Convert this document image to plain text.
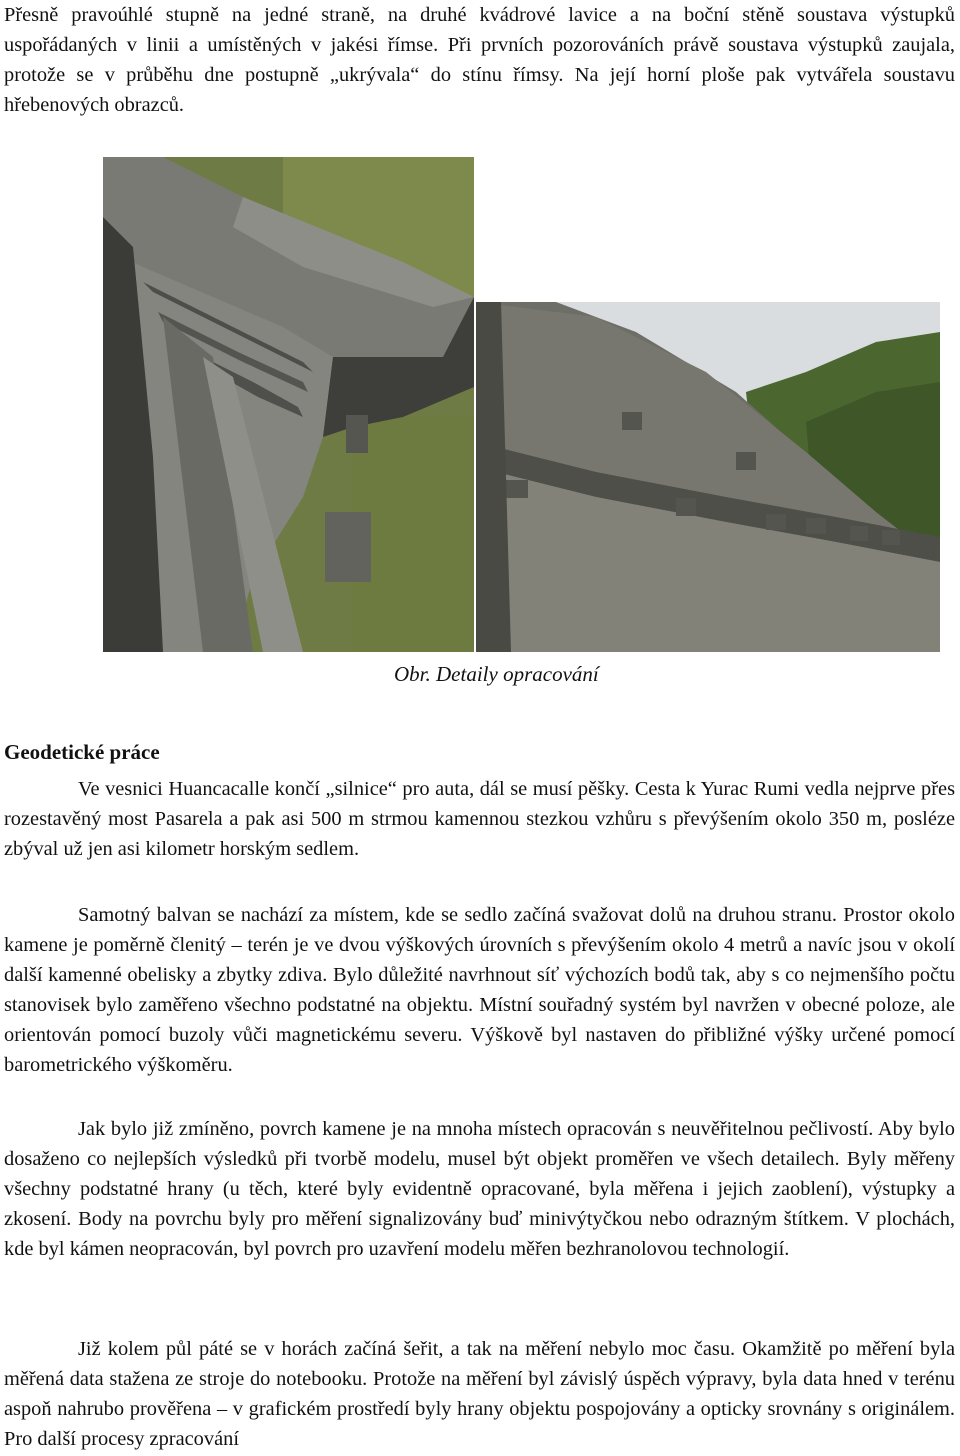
Přesně pravoúhlé stupně na jedné straně, na druhé kvádrové lavice a na boční stěně soustava výstupků uspořádaných v linii a umístěných v jakési římse. Při prvních pozorováních právě soustava výstupků zaujala, protože se v průběhu dne postupně „ukrývala“ do stínu římsy. Na její horní ploše pak vytvářela soustavu hřebenových obrazců.

Obr. Detaily opracování

Geodetické práce

Ve vesnici Huancacalle končí „silnice“ pro auta, dál se musí pěšky. Cesta k Yurac Rumi vedla nejprve přes rozestavěný most Pasarela a pak asi 500 m strmou kamennou stezkou vzhůru s převýšením okolo 350 m, posléze zbýval už jen asi kilometr horským sedlem.

Samotný balvan se nachází za místem, kde se sedlo začíná svažovat dolů na druhou stranu. Prostor okolo kamene je poměrně členitý – terén je ve dvou výškových úrovních s převýšením okolo 4 metrů a navíc jsou v okolí další kamenné obelisky a zbytky zdiva. Bylo důležité navrhnout síť výchozích bodů tak, aby s co nejmenšího počtu stanovisek bylo zaměřeno všechno podstatné na objektu. Místní souřadný systém byl navržen v obecné poloze, ale orientován pomocí buzoly vůči magnetickému severu. Výškově byl nastaven do přibližné výšky určené pomocí barometrického výškoměru.

Jak bylo již zmíněno, povrch kamene je na mnoha místech opracován s neuvěřitelnou pečlivostí. Aby bylo dosaženo co nejlepších výsledků při tvorbě modelu, musel být objekt proměřen ve všech detailech. Byly měřeny všechny podstatné hrany (u těch, které byly evidentně opracované, byla měřena i jejich zaoblení), výstupky a zkosení. Body na povrchu byly pro měření signalizovány buď minivýtyčkou nebo odrazným štítkem. V plochách, kde byl kámen neopracován, byl povrch pro uzavření modelu měřen bezhranolovou technologií.

Již kolem půl páté se v horách začíná šeřit, a tak na měření nebylo moc času. Okamžitě po měření byla měřená data stažena ze stroje do notebooku. Protože na měření byl závislý úspěch výpravy, byla data hned v terénu aspoň nahrubo prověřena – v grafickém prostředí byly hrany objektu pospojovány a opticky srovnány s originálem. Pro další procesy zpracování
